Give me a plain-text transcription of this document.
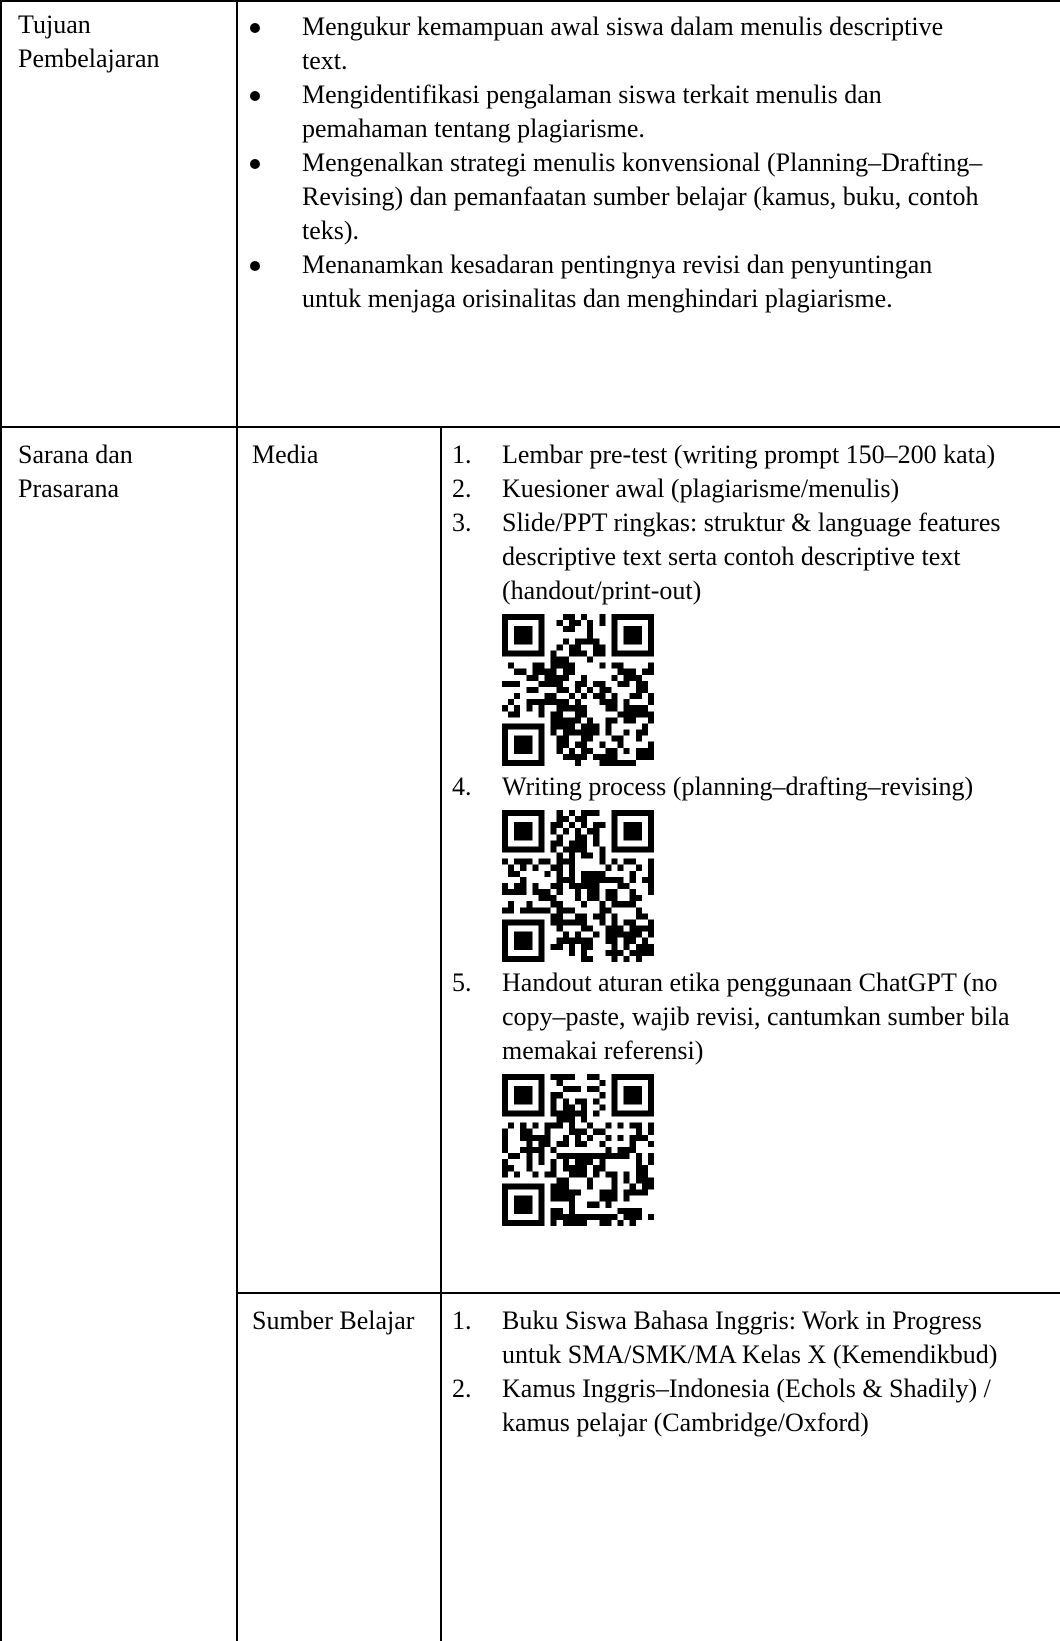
Tujuan Pembelajaran
Mengukur kemampuan awal siswa dalam menulis descriptive text.
Mengidentifikasi pengalaman siswa terkait menulis dan pemahaman tentang plagiarisme.
Mengenalkan strategi menulis konvensional (Planning–Drafting–Revising) dan pemanfaatan sumber belajar (kamus, buku, contoh teks).
Menanamkan kesadaran pentingnya revisi dan penyuntingan untuk menjaga orisinalitas dan menghindari plagiarisme.
Sarana dan Prasarana
Media	1. Lembar pre-test (writing prompt 150–200 kata)
2. Kuesioner awal (plagiarisme/menulis)
3. Slide/PPT ringkas: struktur & language features descriptive text serta contoh descriptive text (handout/print-out)
4. Writing process (planning–drafting–revising)
5. Handout aturan etika penggunaan ChatGPT (no copy–paste, wajib revisi, cantumkan sumber bila memakai referensi)
Sumber Belajar	1. Buku Siswa Bahasa Inggris: Work in Progress untuk SMA/SMK/MA Kelas X (Kemendikbud)
2. Kamus Inggris–Indonesia (Echols & Shadily) / kamus pelajar (Cambridge/Oxford)
